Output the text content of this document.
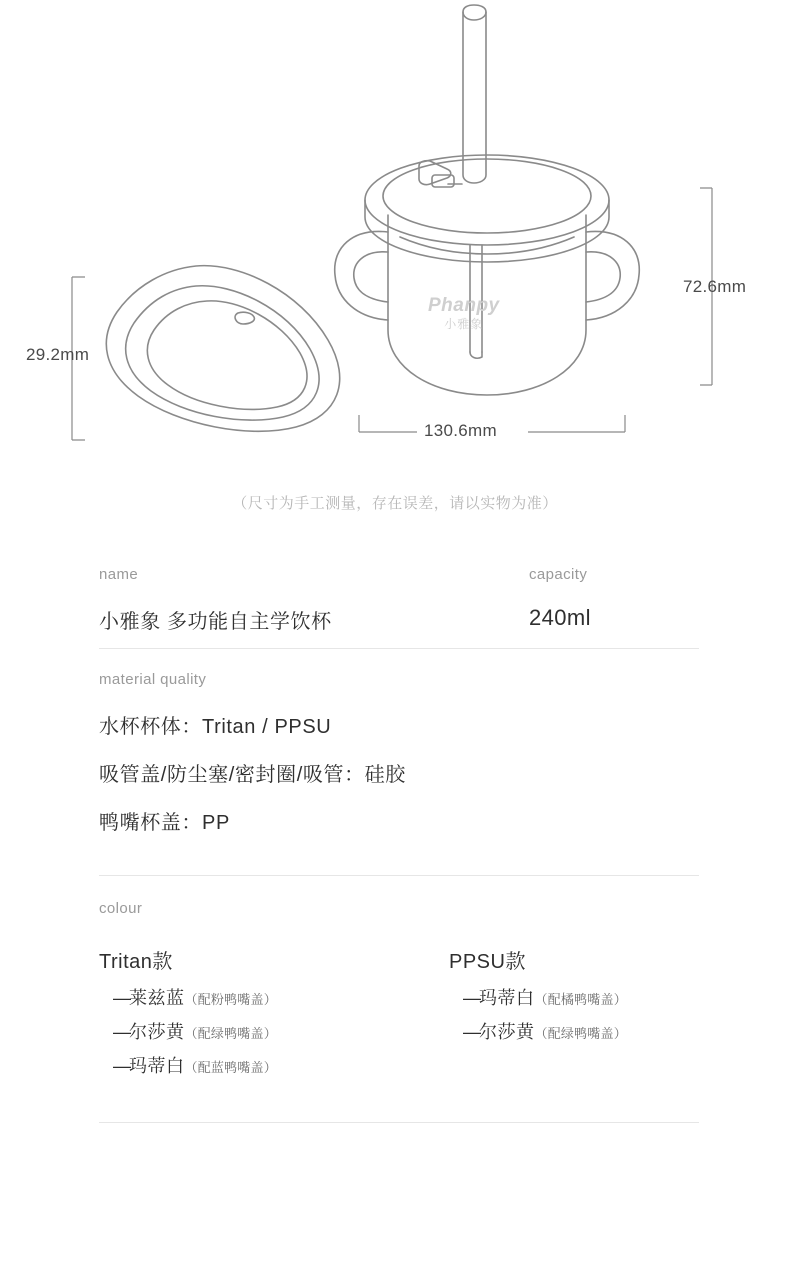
Phanpy
小雅象
72.6mm
29.2mm
130.6mm
（尺寸为手工测量，存在误差，请以实物为准）
name	capacity
小雅象 多功能自主学饮杯	240ml
material quality
水杯杯体：Tritan / PPSU
吸管盖/防尘塞/密封圈/吸管：硅胶
鸭嘴杯盖：PP
colour
Tritan款
—莱兹蓝（配粉鸭嘴盖）
—尔莎黄（配绿鸭嘴盖）
—玛蒂白（配蓝鸭嘴盖）
PPSU款
—玛蒂白（配橘鸭嘴盖）
—尔莎黄（配绿鸭嘴盖）
